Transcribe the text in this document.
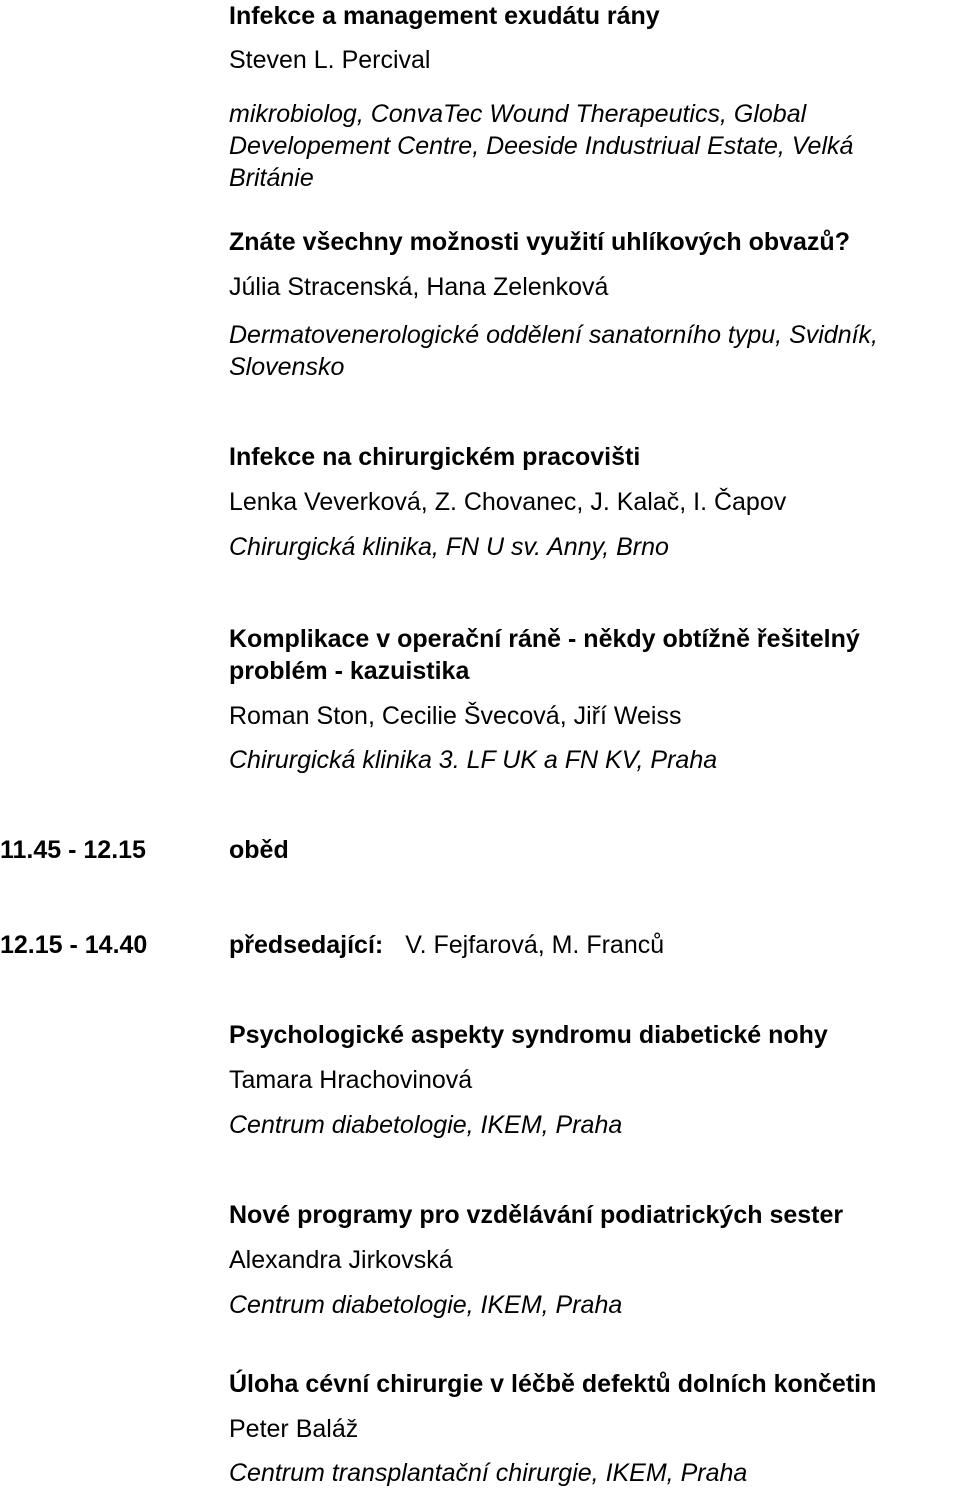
Infekce a management exudátu rány
Steven L. Percival
mikrobiolog, ConvaTec Wound Therapeutics, Global
Developement Centre, Deeside Industriual Estate, Velká
Británie
Znáte všechny možnosti využití uhlíkových obvazů?
Júlia Stracenská, Hana Zelenková
Dermatovenerologické oddělení sanatorního typu, Svidník,
Slovensko
Infekce na chirurgickém pracovišti
Lenka Veverková, Z. Chovanec, J. Kalač, I. Čapov
Chirurgická klinika, FN U sv. Anny, Brno
Komplikace v operační ráně - někdy obtížně řešitelný
problém - kazuistika
Roman Ston, Cecilie Švecová, Jiří Weiss
Chirurgická klinika 3. LF UK a FN KV, Praha
11.45 - 12.15	oběd
12.15 - 14.40	předsedající: V. Fejfarová, M. Franců
Psychologické aspekty syndromu diabetické nohy
Tamara Hrachovinová
Centrum diabetologie, IKEM, Praha
Nové programy pro vzdělávání podiatrických sester
Alexandra Jirkovská
Centrum diabetologie, IKEM, Praha
Úloha cévní chirurgie v léčbě defektů dolních končetin
Peter Baláž
Centrum transplantační chirurgie, IKEM, Praha
